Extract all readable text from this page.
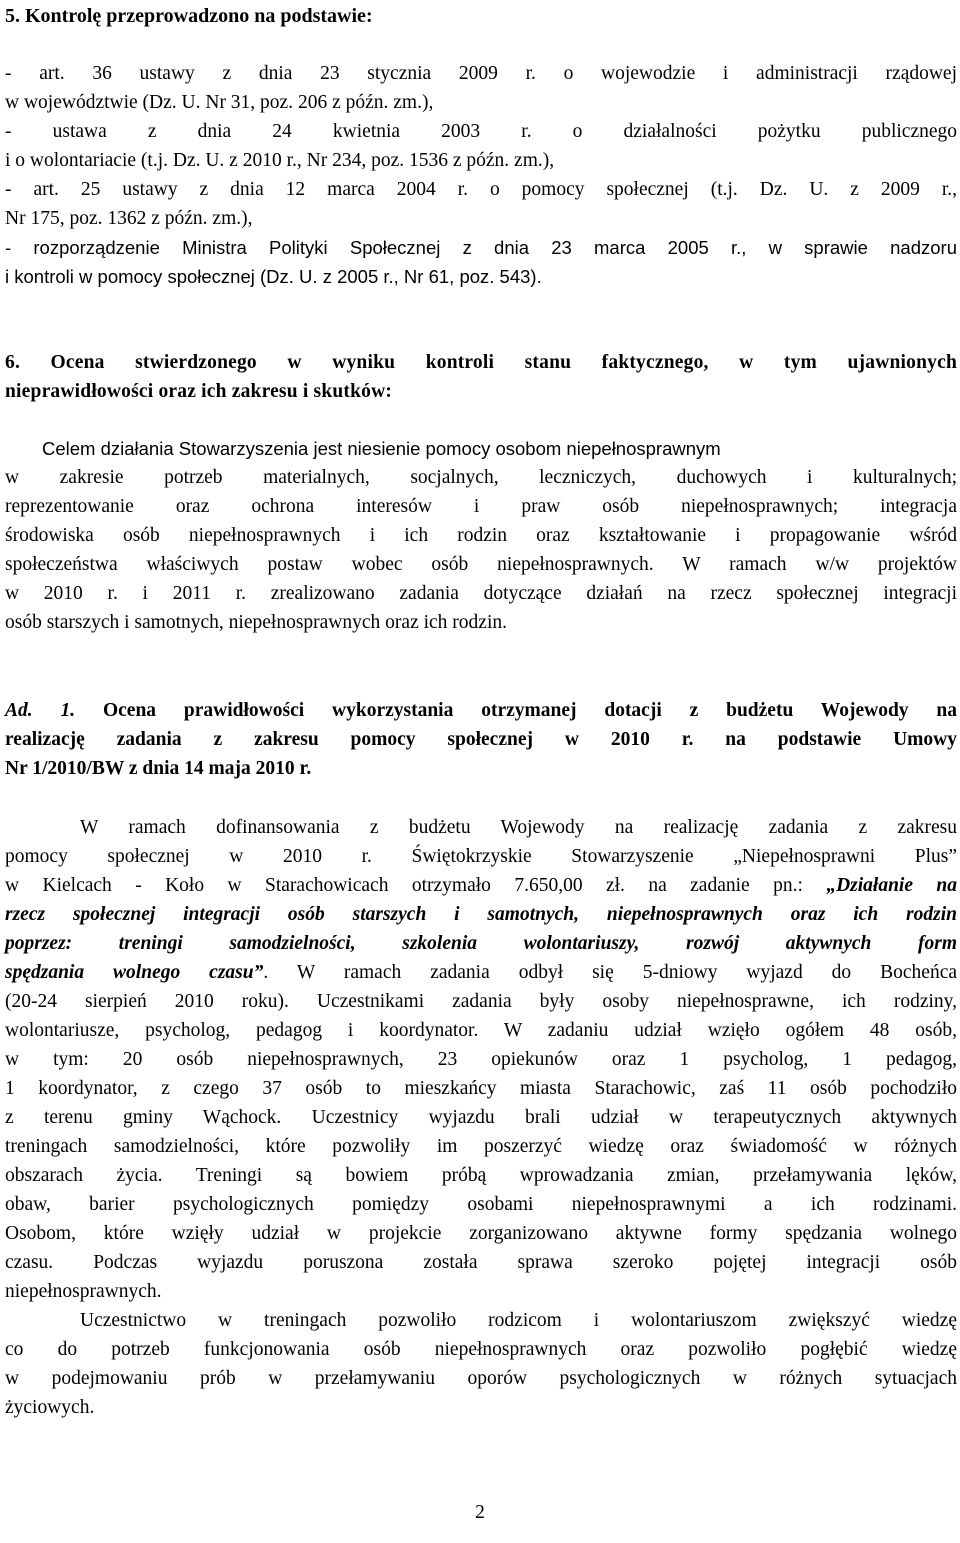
5. Kontrolę przeprowadzono na podstawie:
- art. 36 ustawy z dnia 23 stycznia 2009 r. o wojewodzie i administracji rządowej
w województwie (Dz. U. Nr 31, poz. 206 z późn. zm.),
- ustawa z dnia 24 kwietnia 2003 r. o działalności pożytku publicznego
i o wolontariacie (t.j. Dz. U. z 2010 r., Nr 234, poz. 1536 z późn. zm.),
- art. 25 ustawy z dnia 12 marca 2004 r. o pomocy społecznej (t.j. Dz. U. z 2009 r.,
Nr 175, poz. 1362 z późn. zm.),
- rozporządzenie Ministra Polityki Społecznej z dnia 23 marca 2005 r., w sprawie nadzoru
i kontroli w pomocy społecznej (Dz. U. z 2005 r., Nr 61, poz. 543).
6. Ocena stwierdzonego w wyniku kontroli stanu faktycznego, w tym ujawnionych
nieprawidłowości oraz ich zakresu i skutków:
Celem działania Stowarzyszenia jest niesienie pomocy osobom niepełnosprawnym
w zakresie potrzeb materialnych, socjalnych, leczniczych, duchowych i kulturalnych;
reprezentowanie oraz ochrona interesów i praw osób niepełnosprawnych; integracja
środowiska osób niepełnosprawnych i ich rodzin oraz kształtowanie i propagowanie wśród
społeczeństwa właściwych postaw wobec osób niepełnosprawnych. W ramach w/w projektów
w 2010 r. i 2011 r. zrealizowano zadania dotyczące działań na rzecz społecznej integracji
osób starszych i samotnych, niepełnosprawnych oraz ich rodzin.
Ad. 1. Ocena prawidłowości wykorzystania otrzymanej dotacji z budżetu Wojewody na
realizację zadania z zakresu pomocy społecznej w 2010 r. na podstawie Umowy
Nr 1/2010/BW z dnia 14 maja 2010 r.
W ramach dofinansowania z budżetu Wojewody na realizację zadania z zakresu
pomocy społecznej w 2010 r. Świętokrzyskie Stowarzyszenie „Niepełnosprawni Plus”
w Kielcach - Koło w Starachowicach otrzymało 7.650,00 zł. na zadanie pn.: „Działanie na
rzecz społecznej integracji osób starszych i samotnych, niepełnosprawnych oraz ich rodzin
poprzez: treningi samodzielności, szkolenia wolontariuszy, rozwój aktywnych form
spędzania wolnego czasu”. W ramach zadania odbył się 5-dniowy wyjazd do Bocheńca
(20-24 sierpień 2010 roku). Uczestnikami zadania były osoby niepełnosprawne, ich rodziny,
wolontariusze, psycholog, pedagog i koordynator. W zadaniu udział wzięło ogółem 48 osób,
w tym: 20 osób niepełnosprawnych, 23 opiekunów oraz 1 psycholog, 1 pedagog,
1 koordynator, z czego 37 osób to mieszkańcy miasta Starachowic, zaś 11 osób pochodziło
z terenu gminy Wąchock. Uczestnicy wyjazdu brali udział w terapeutycznych aktywnych
treningach samodzielności, które pozwoliły im poszerzyć wiedzę oraz świadomość w różnych
obszarach życia. Treningi są bowiem próbą wprowadzania zmian, przełamywania lęków,
obaw, barier psychologicznych pomiędzy osobami niepełnosprawnymi a ich rodzinami.
Osobom, które wzięły udział w projekcie zorganizowano aktywne formy spędzania wolnego
czasu. Podczas wyjazdu poruszona została sprawa szeroko pojętej integracji osób
niepełnosprawnych.
Uczestnictwo w treningach pozwoliło rodzicom i wolontariuszom zwiększyć wiedzę
co do potrzeb funkcjonowania osób niepełnosprawnych oraz pozwoliło pogłębić wiedzę
w podejmowaniu prób w przełamywaniu oporów psychologicznych w różnych sytuacjach
życiowych.
2
